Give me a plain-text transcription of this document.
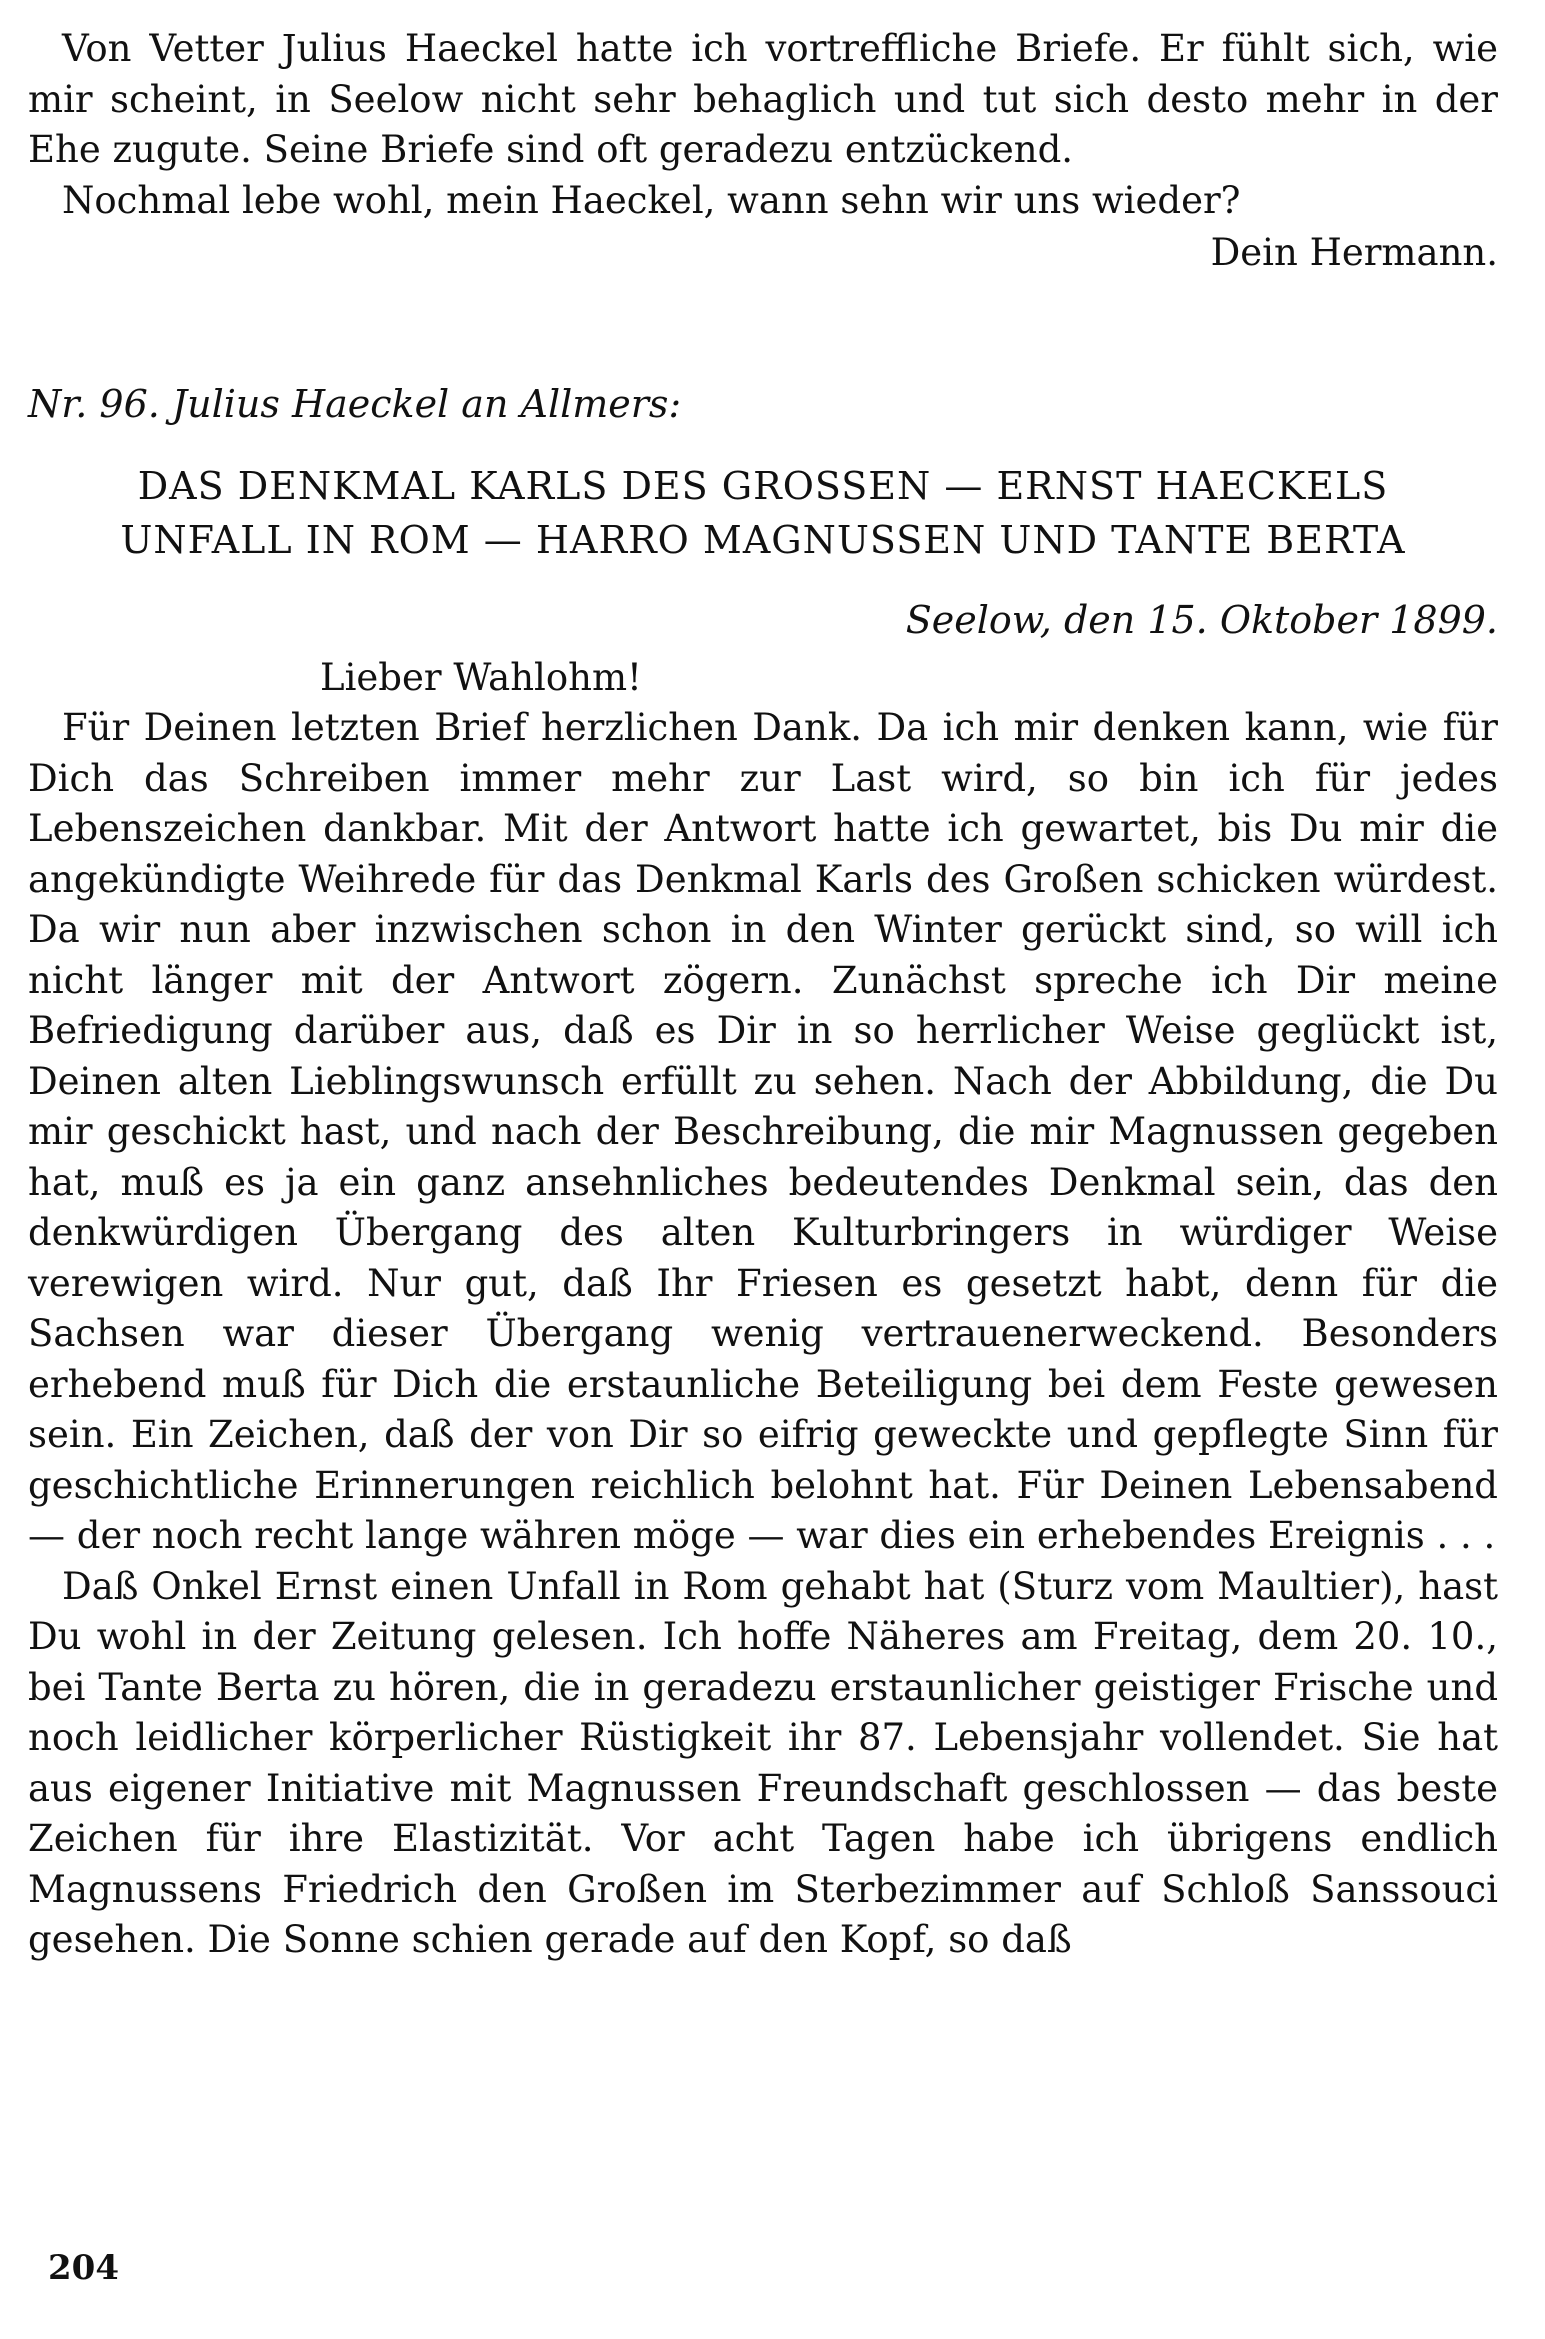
Von Vetter Julius Haeckel hatte ich vortreffliche Briefe. Er fühlt sich, wie mir scheint, in Seelow nicht sehr behaglich und tut sich desto mehr in der Ehe zugute. Seine Briefe sind oft geradezu entzückend.

Nochmal lebe wohl, mein Haeckel, wann sehn wir uns wieder?

Dein Hermann.

Nr. 96. Julius Haeckel an Allmers:
DAS DENKMAL KARLS DES GROSSEN — ERNST HAECKELS
UNFALL IN ROM — HARRO MAGNUSSEN UND TANTE BERTA
Seelow, den 15. Oktober 1899.
Lieber Wahlohm!

Für Deinen letzten Brief herzlichen Dank. Da ich mir denken kann, wie für Dich das Schreiben immer mehr zur Last wird, so bin ich für jedes Lebenszeichen dankbar. Mit der Antwort hatte ich gewartet, bis Du mir die angekündigte Weihrede für das Denkmal Karls des Großen schicken würdest. Da wir nun aber inzwischen schon in den Winter gerückt sind, so will ich nicht länger mit der Antwort zögern. Zunächst spreche ich Dir meine Befriedigung darüber aus, daß es Dir in so herrlicher Weise geglückt ist, Deinen alten Lieblingswunsch erfüllt zu sehen. Nach der Abbildung, die Du mir geschickt hast, und nach der Beschreibung, die mir Magnussen gegeben hat, muß es ja ein ganz ansehnliches bedeutendes Denkmal sein, das den denkwürdigen Übergang des alten Kulturbringers in würdiger Weise verewigen wird. Nur gut, daß Ihr Friesen es gesetzt habt, denn für die Sachsen war dieser Übergang wenig vertrauenerweckend. Besonders erhebend muß für Dich die erstaunliche Beteiligung bei dem Feste gewesen sein. Ein Zeichen, daß der von Dir so eifrig geweckte und gepflegte Sinn für geschichtliche Erinnerungen reichlich belohnt hat. Für Deinen Lebensabend — der noch recht lange währen möge — war dies ein erhebendes Ereignis . . .

Daß Onkel Ernst einen Unfall in Rom gehabt hat (Sturz vom Maultier), hast Du wohl in der Zeitung gelesen. Ich hoffe Näheres am Freitag, dem 20. 10., bei Tante Berta zu hören, die in geradezu erstaunlicher geistiger Frische und noch leidlicher körperlicher Rüstigkeit ihr 87. Lebensjahr vollendet. Sie hat aus eigener Initiative mit Magnussen Freundschaft geschlossen — das beste Zeichen für ihre Elastizität. Vor acht Tagen habe ich übrigens endlich Magnussens Friedrich den Großen im Sterbezimmer auf Schloß Sanssouci gesehen. Die Sonne schien gerade auf den Kopf, so daß

204
